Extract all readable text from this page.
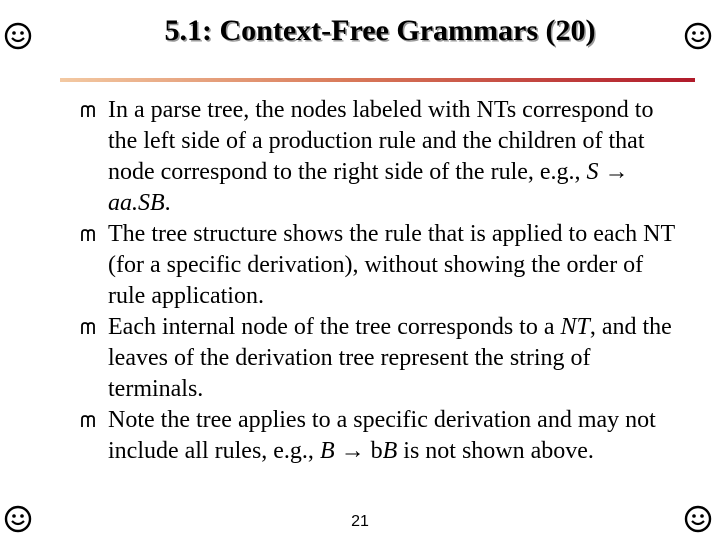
5.1: Context-Free Grammars (20)
In a parse tree, the nodes labeled with NTs correspond to the left side of a production rule and the children of that node correspond to the right side of the rule, e.g., S → aa.SB.
The tree structure shows the rule that is applied to each NT (for a specific derivation), without showing the order of rule application.
Each internal node of the tree corresponds to a NT, and the leaves of the derivation tree represent the string of terminals.
Note the tree applies to a specific derivation and may not include all rules, e.g., B → bB is not shown above.
21
